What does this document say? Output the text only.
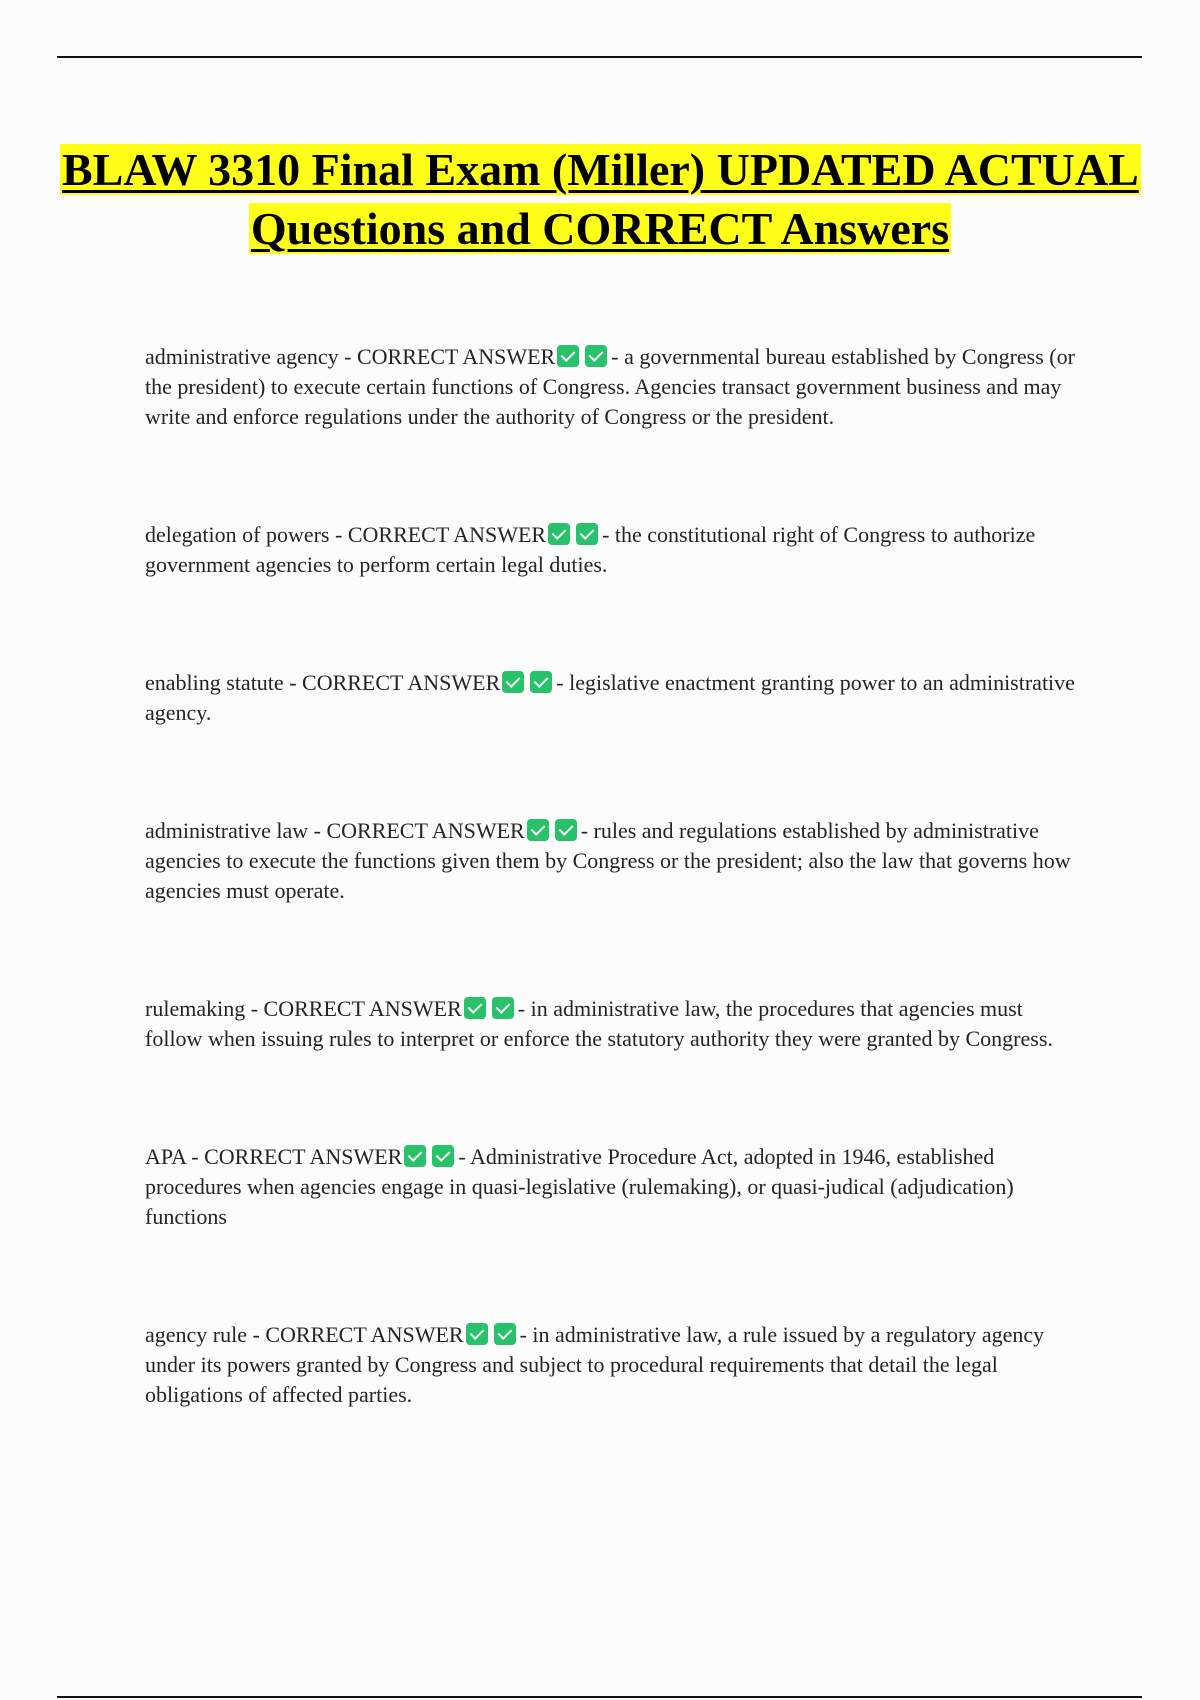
BLAW 3310 Final Exam (Miller) UPDATED ACTUAL Questions and CORRECT Answers

administrative agency - CORRECT ANSWER	- a governmental bureau established by Congress (or the president) to execute certain functions of Congress. Agencies transact government business and may write and enforce regulations under the authority of Congress or the president.

delegation of powers - CORRECT ANSWER	- the constitutional right of Congress to authorize government agencies to perform certain legal duties.

enabling statute - CORRECT ANSWER	- legislative enactment granting power to an administrative agency.

administrative law - CORRECT ANSWER	- rules and regulations established by administrative agencies to execute the functions given them by Congress or the president; also the law that governs how agencies must operate.

rulemaking - CORRECT ANSWER	- in administrative law, the procedures that agencies must follow when issuing rules to interpret or enforce the statutory authority they were granted by Congress.

APA - CORRECT ANSWER	- Administrative Procedure Act, adopted in 1946, established procedures when agencies engage in quasi-legislative (rulemaking), or quasi-judical (adjudication) functions

agency rule - CORRECT ANSWER	- in administrative law, a rule issued by a regulatory agency under its powers granted by Congress and subject to procedural requirements that detail the legal obligations of affected parties.
